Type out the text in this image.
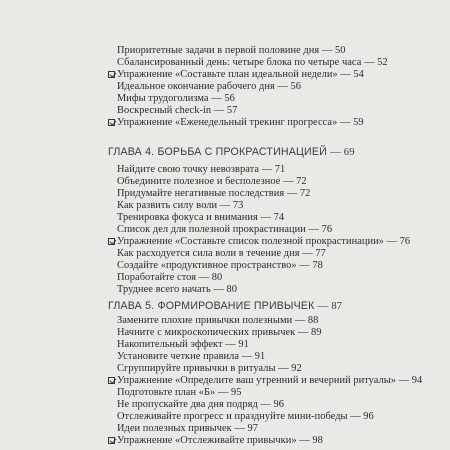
Приоритетные задачи в первой половине дня — 50
Сбалансированный день: четыре блока по четыре часа — 52
Упражнение «Составьте план идеальной недели» — 54
Идеальное окончание рабочего дня — 56
Мифы трудоголизма — 56
Воскресный check-in — 57
Упражнение «Еженедельный трекинг прогресса» — 59
ГЛАВА 4. БОРЬБА С ПРОКРАСТИНАЦИЕЙ — 69
Найдите свою точку невозврата — 71
Объедините полезное и бесполезное — 72
Придумайте негативные последствия — 72
Как развить силу воли — 73
Тренировка фокуса и внимания — 74
Список дел для полезной прокрастинации — 76
Упражнение «Составьте список полезной прокрастинации» — 76
Как расходуется сила воли в течение дня — 77
Создайте «продуктивное пространство» — 78
Поработайте стоя — 80
Труднее всего начать — 80
ГЛАВА 5. ФОРМИРОВАНИЕ ПРИВЫЧЕК — 87
Замените плохие привычки полезными — 88
Начните с микроскопических привычек — 89
Накопительный эффект — 91
Установите четкие правила — 91
Сгруппируйте привычки в ритуалы — 92
Упражнение «Определите ваш утренний и вечерний ритуалы» — 94
Подготовьте план «Б» — 95
Не пропускайте два дня подряд — 96
Отслеживайте прогресс и празднуйте мини-победы — 96
Идеи полезных привычек — 97
Упражнение «Отслеживайте привычки» — 98
